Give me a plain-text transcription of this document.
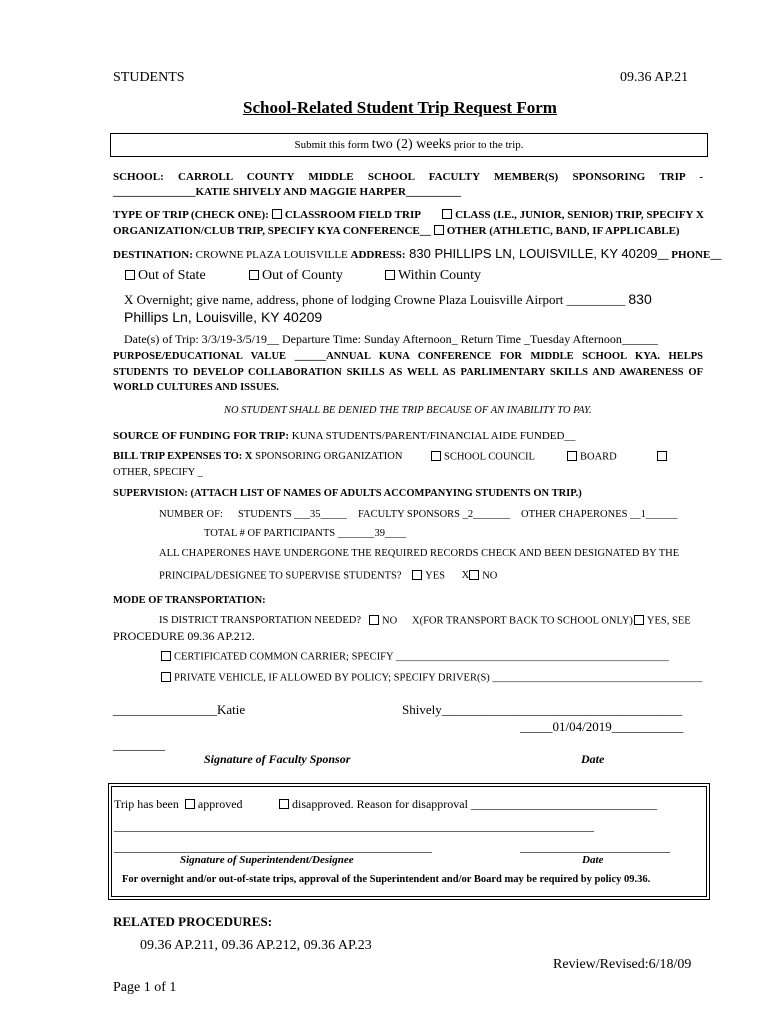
STUDENTS	09.36 AP.21
School-Related Student Trip Request Form
Submit this form two (2) weeks prior to the trip.
SCHOOL: CARROLL COUNTY MIDDLE SCHOOL FACULTY MEMBER(S) SPONSORING TRIP -
_______________KATIE SHIVELY AND MAGGIE HARPER__________
TYPE OF TRIP (CHECK ONE): CLASSROOM FIELD TRIP	CLASS (I.E., JUNIOR, SENIOR) TRIP, SPECIFY X
ORGANIZATION/CLUB TRIP, SPECIFY KYA CONFERENCE__ OTHER (ATHLETIC, BAND, IF APPLICABLE)
DESTINATION: CROWNE PLAZA LOUISVILLE ADDRESS: 830 PHILLIPS LN, LOUISVILLE, KY 40209__ PHONE__
Out of State	Out of County	Within County
X Overnight; give name, address, phone of lodging Crowne Plaza Louisville Airport _________ 830
Phillips Ln, Louisville, KY 40209
Date(s) of Trip: 3/3/19-3/5/19__ Departure Time: Sunday Afternoon_ Return Time _Tuesday Afternoon______
PURPOSE/EDUCATIONAL VALUE ______ANNUAL KUNA CONFERENCE FOR MIDDLE SCHOOL KYA. HELPS
STUDENTS TO DEVELOP COLLABORATION SKILLS AS WELL AS PARLIMENTARY SKILLS AND AWARENESS OF
WORLD CULTURES AND ISSUES.
NO STUDENT SHALL BE DENIED THE TRIP BECAUSE OF AN INABILITY TO PAY.
SOURCE OF FUNDING FOR TRIP: KUNA STUDENTS/PARENT/FINANCIAL AIDE FUNDED__
BILL TRIP EXPENSES TO: X SPONSORING ORGANIZATION	SCHOOL COUNCIL	BOARD
OTHER, SPECIFY _
SUPERVISION: (ATTACH LIST OF NAMES OF ADULTS ACCOMPANYING STUDENTS ON TRIP.)
NUMBER OF: STUDENTS ___35_____ FACULTY SPONSORS _2_______ OTHER CHAPERONES __1______
TOTAL # OF PARTICIPANTS _______39____
ALL CHAPERONES HAVE UNDERGONE THE REQUIRED RECORDS CHECK AND BEEN DESIGNATED BY THE
PRINCIPAL/DESIGNEE TO SUPERVISE STUDENTS? YES X NO
MODE OF TRANSPORTATION:
IS DISTRICT TRANSPORTATION NEEDED?	NO X(FOR TRANSPORT BACK TO SCHOOL ONLY) YES, SEE
PROCEDURE 09.36 AP.212.
CERTIFICATED COMMON CARRIER; SPECIFY ____________________________________________________
PRIVATE VEHICLE, IF ALLOWED BY POLICY; SPECIFY DRIVER(S) ________________________________________
________________Katie	Shively_____________________________________
_____01/04/2019___________
________
Signature of Faculty Sponsor	Date
Trip has been approved	disapproved. Reason for disapproval _______________________________
________________________________________________________________________________
_____________________________________________________	_________________________
Signature of Superintendent/Designee	Date
For overnight and/or out-of-state trips, approval of the Superintendent and/or Board may be required by policy 09.36.
RELATED PROCEDURES:
09.36 AP.211, 09.36 AP.212, 09.36 AP.23
Review/Revised:6/18/09
Page 1 of 1
